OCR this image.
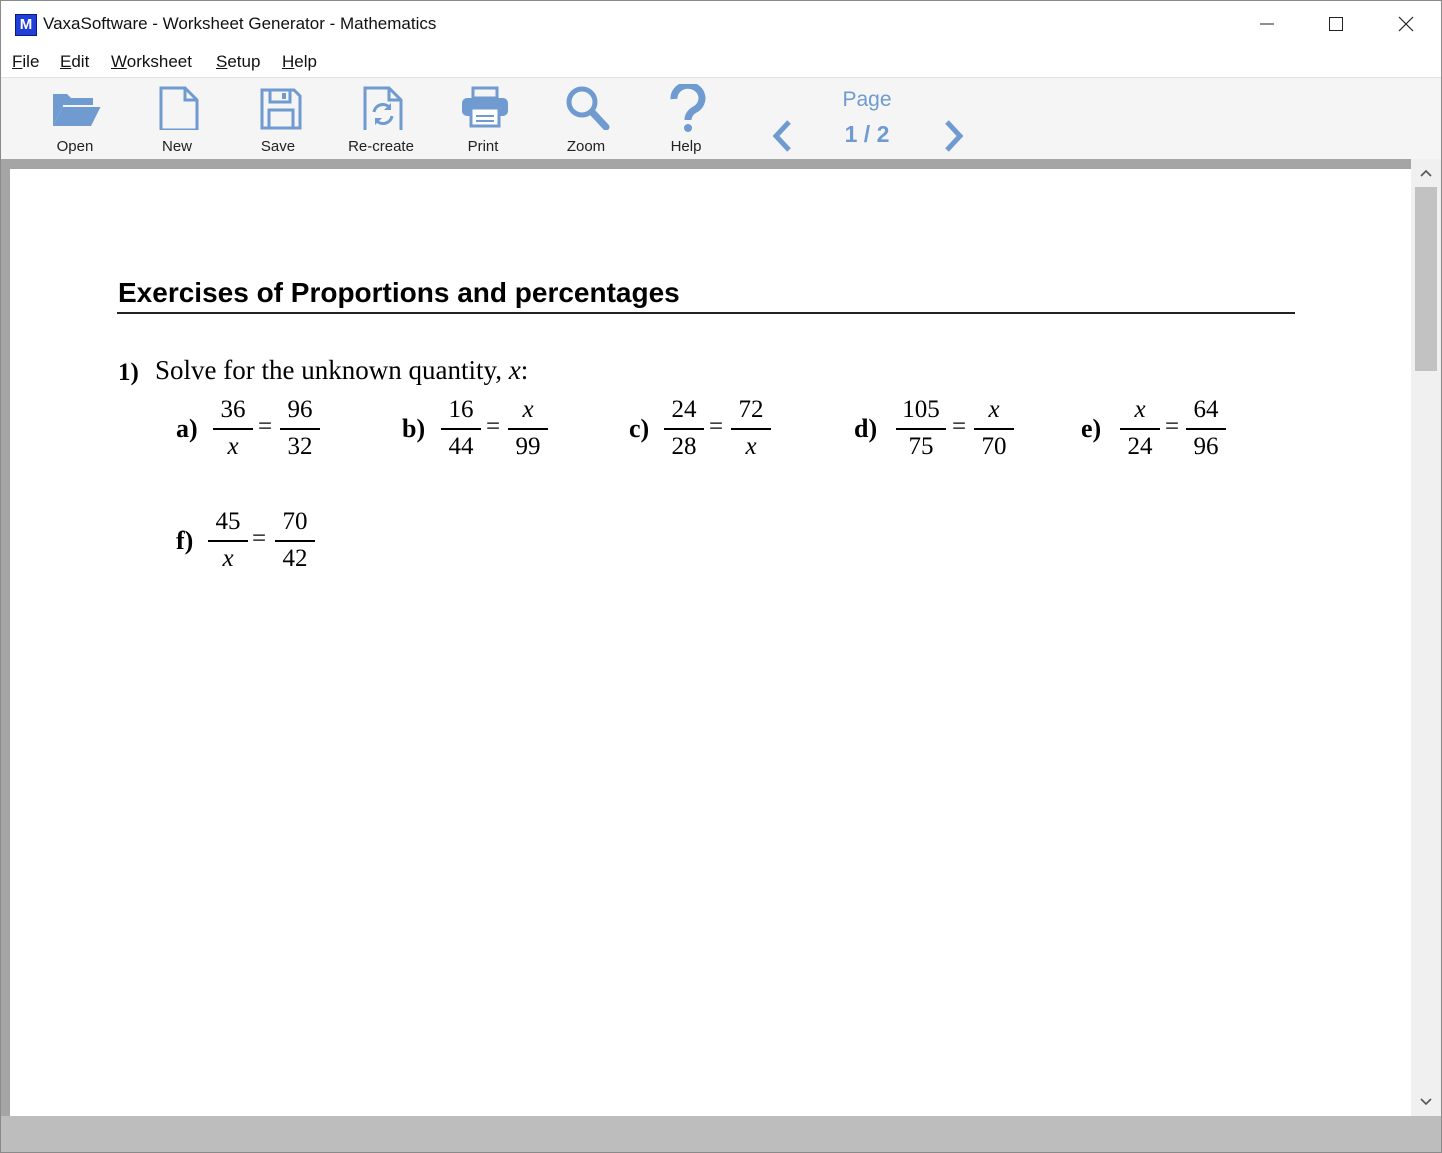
M VaxaSoftware - Worksheet Generator - Mathematics
File Edit Worksheet Setup Help
Open	New	Save	Re-create	Print	Zoom	Help
Page
1 / 2
Exercises of Proportions and percentages
1) Solve for the unknown quantity, x:
a)
36
x
=
96
32
b)
16
44
=
x
99
c)
24
28
=
72
x
d)
105
75
=
x
70
e)
x
24
=
64
96
f)
45
x
=
70
42
